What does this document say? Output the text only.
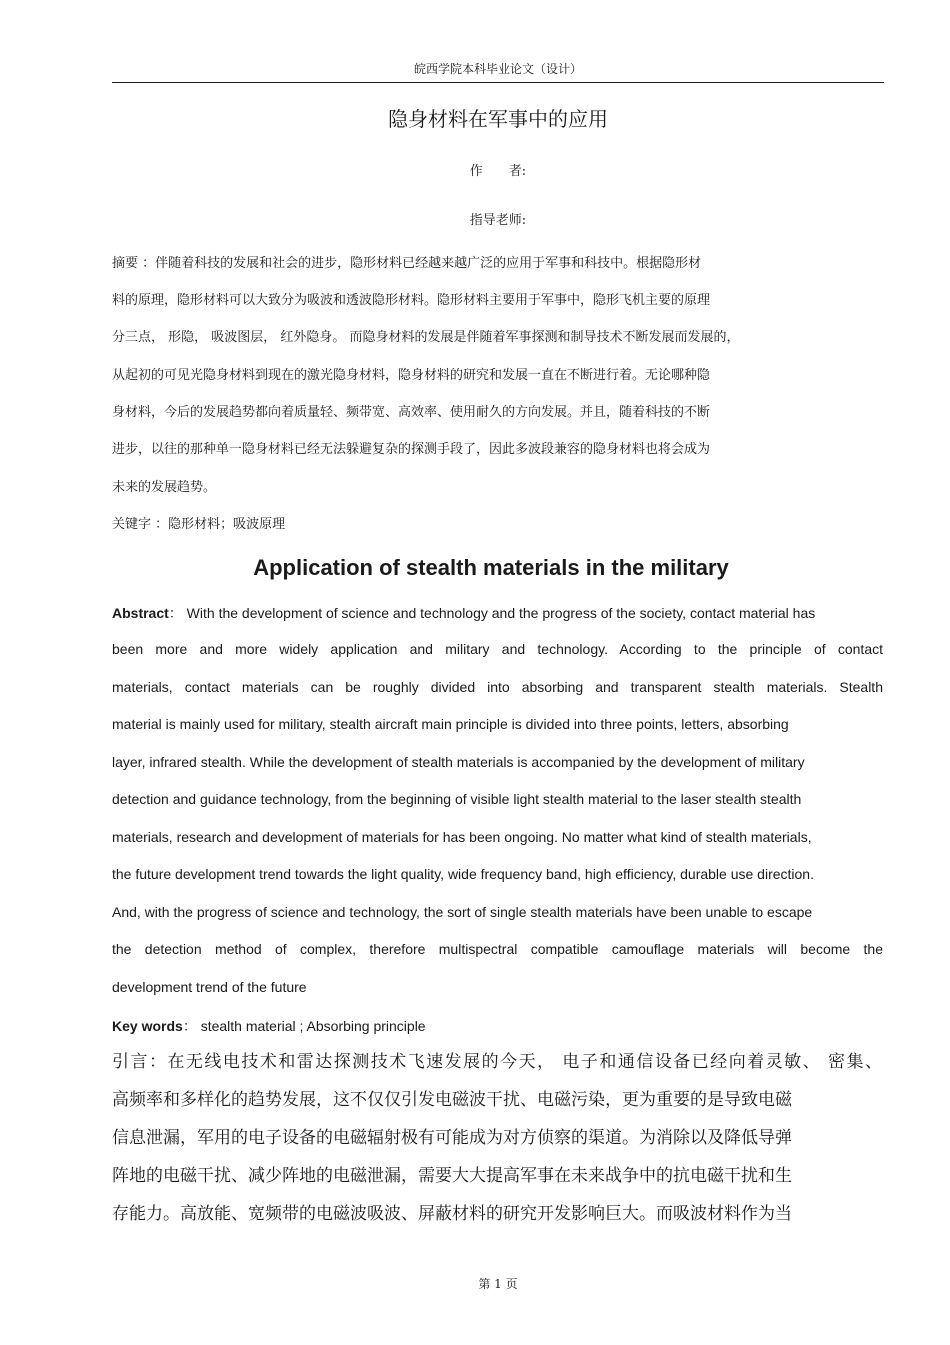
皖西学院本科毕业论文（设计）
隐身材料在军事中的应用
作　　者:
指导老师:
摘要 ：伴随着科技的发展和社会的进步，隐形材料已经越来越广泛的应用于军事和科技中。根据隐形材
料的原理，隐形材料可以大致分为吸波和透波隐形材料。隐形材料主要用于军事中，隐形飞机主要的原理
分三点， 形隐， 吸波图层， 红外隐身。 而隐身材料的发展是伴随着军事探测和制导技术不断发展而发展的，
从起初的可见光隐身材料到现在的激光隐身材料，隐身材料的研究和发展一直在不断进行着。无论哪种隐
身材料，今后的发展趋势都向着质量轻、频带宽、高效率、使用耐久的方向发展。并且，随着科技的不断
进步，以往的那种单一隐身材料已经无法躲避复杂的探测手段了，因此多波段兼容的隐身材料也将会成为
未来的发展趋势。
关键字 ：隐形材料；吸波原理
Application of stealth materials in the military
Abstract： With the development of science and technology and the progress of the society, contact material has
been more and more widely application and military and technology. According to the principle of contact
materials, contact materials can be roughly divided into absorbing and transparent stealth materials. Stealth
material is mainly used for military, stealth aircraft main principle is divided into three points, letters, absorbing
layer, infrared stealth. While the development of stealth materials is accompanied by the development of military
detection and guidance technology, from the beginning of visible light stealth material to the laser stealth stealth
materials, research and development of materials for has been ongoing. No matter what kind of stealth materials,
the future development trend towards the light quality, wide frequency band, high efficiency, durable use direction.
And, with the progress of science and technology, the sort of single stealth materials have been unable to escape
the detection method of complex, therefore multispectral compatible camouflage materials will become the
development trend of the future
Key words： stealth material ; Absorbing principle
引言：在无线电技术和雷达探测技术飞速发展的今天， 电子和通信设备已经向着灵敏、 密集、
高频率和多样化的趋势发展，这不仅仅引发电磁波干扰、电磁污染，更为重要的是导致电磁
信息泄漏，军用的电子设备的电磁辐射极有可能成为对方侦察的渠道。为消除以及降低导弹
阵地的电磁干扰、减少阵地的电磁泄漏，需要大大提高军事在未来战争中的抗电磁干扰和生
存能力。高放能、宽频带的电磁波吸波、屏蔽材料的研究开发影响巨大。而吸波材料作为当
第 1 页
